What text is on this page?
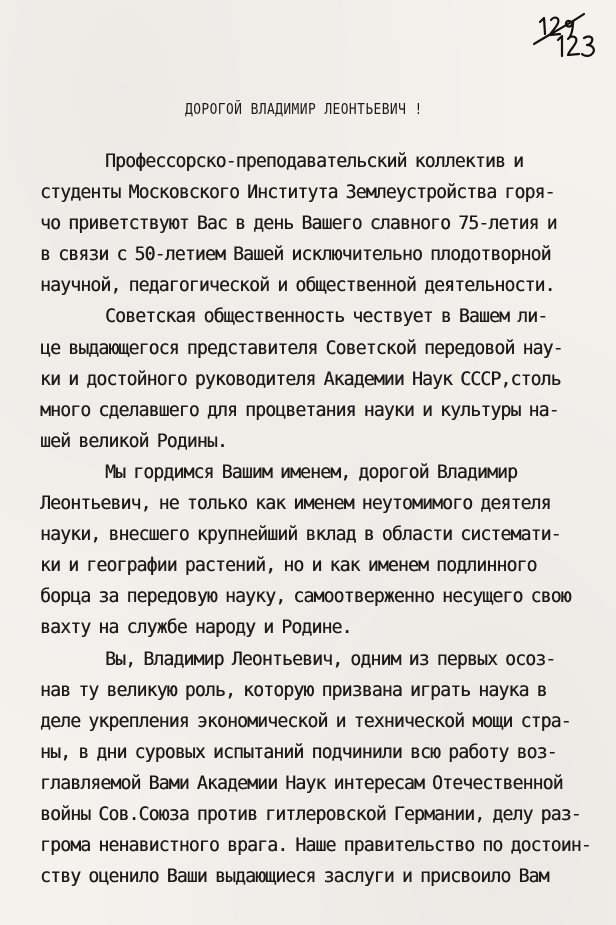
ДОРОГОЙ ВЛАДИМИР ЛЕОНТЬЕВИЧ !
Профессорско-преподавательский коллектив и
студенты Московского Института Землеустройства горя-
чо приветствуют Вас в день Вашего славного 75-летия и
в связи с 50-летием Вашей исключительно плодотворной
научной, педагогической и общественной деятельности.
Советская общественность чествует в Вашем ли-
це выдающегося представителя Советской передовой нау-
ки и достойного руководителя Академии Наук СССР,столь
много сделавшего для процветания науки и культуры на-
шей великой Родины.
Мы гордимся Вашим именем, дорогой Владимир
Леонтьевич, не только как именем неутомимого деятеля
науки, внесшего крупнейший вклад в области системати-
ки и географии растений, но и как именем подлинного
борца за передовую науку, самоотверженно несущего свою
вахту на службе народу и Родине.
Вы, Владимир Леонтьевич, одним из первых осоз-
нав ту великую роль, которую призвана играть наука в
деле укрепления экономической и технической мощи стра-
ны, в дни суровых испытаний подчинили всю работу воз-
главляемой Вами Академии Наук интересам Отечественной
войны Сов.Союза против гитлеровской Германии, делу раз-
грома ненавистного врага. Наше правительство по достоин-
ству оценило Ваши выдающиеся заслуги и присвоило Вам
